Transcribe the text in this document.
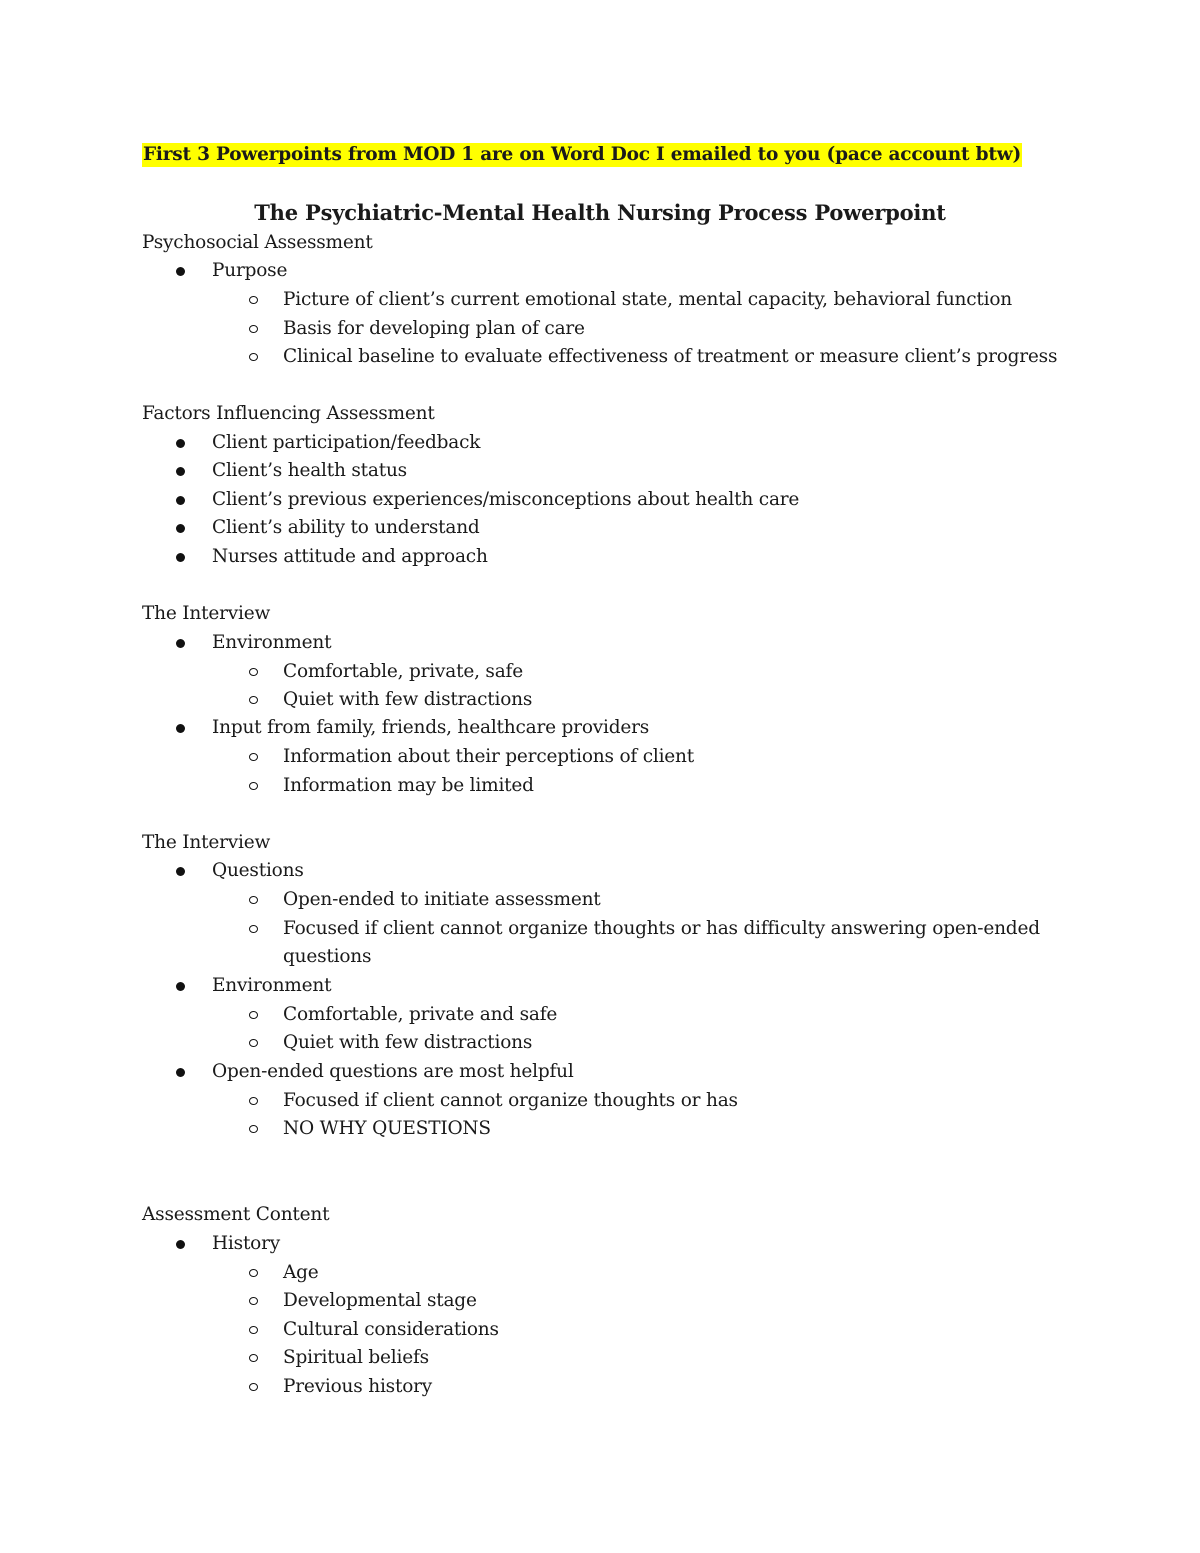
First 3 Powerpoints from MOD 1 are on Word Doc I emailed to you (pace account btw)
The Psychiatric-Mental Health Nursing Process Powerpoint
Psychosocial Assessment
Purpose
Picture of client’s current emotional state, mental capacity, behavioral function
Basis for developing plan of care
Clinical baseline to evaluate effectiveness of treatment or measure client’s progress
Factors Influencing Assessment
Client participation/feedback
Client’s health status
Client’s previous experiences/misconceptions about health care
Client’s ability to understand
Nurses attitude and approach
The Interview
Environment
Comfortable, private, safe
Quiet with few distractions
Input from family, friends, healthcare providers
Information about their perceptions of client
Information may be limited
The Interview
Questions
Open-ended to initiate assessment
Focused if client cannot organize thoughts or has difficulty answering open-ended
questions
Environment
Comfortable, private and safe
Quiet with few distractions
Open-ended questions are most helpful
Focused if client cannot organize thoughts or has
NO WHY QUESTIONS
Assessment Content
History
Age
Developmental stage
Cultural considerations
Spiritual beliefs
Previous history
